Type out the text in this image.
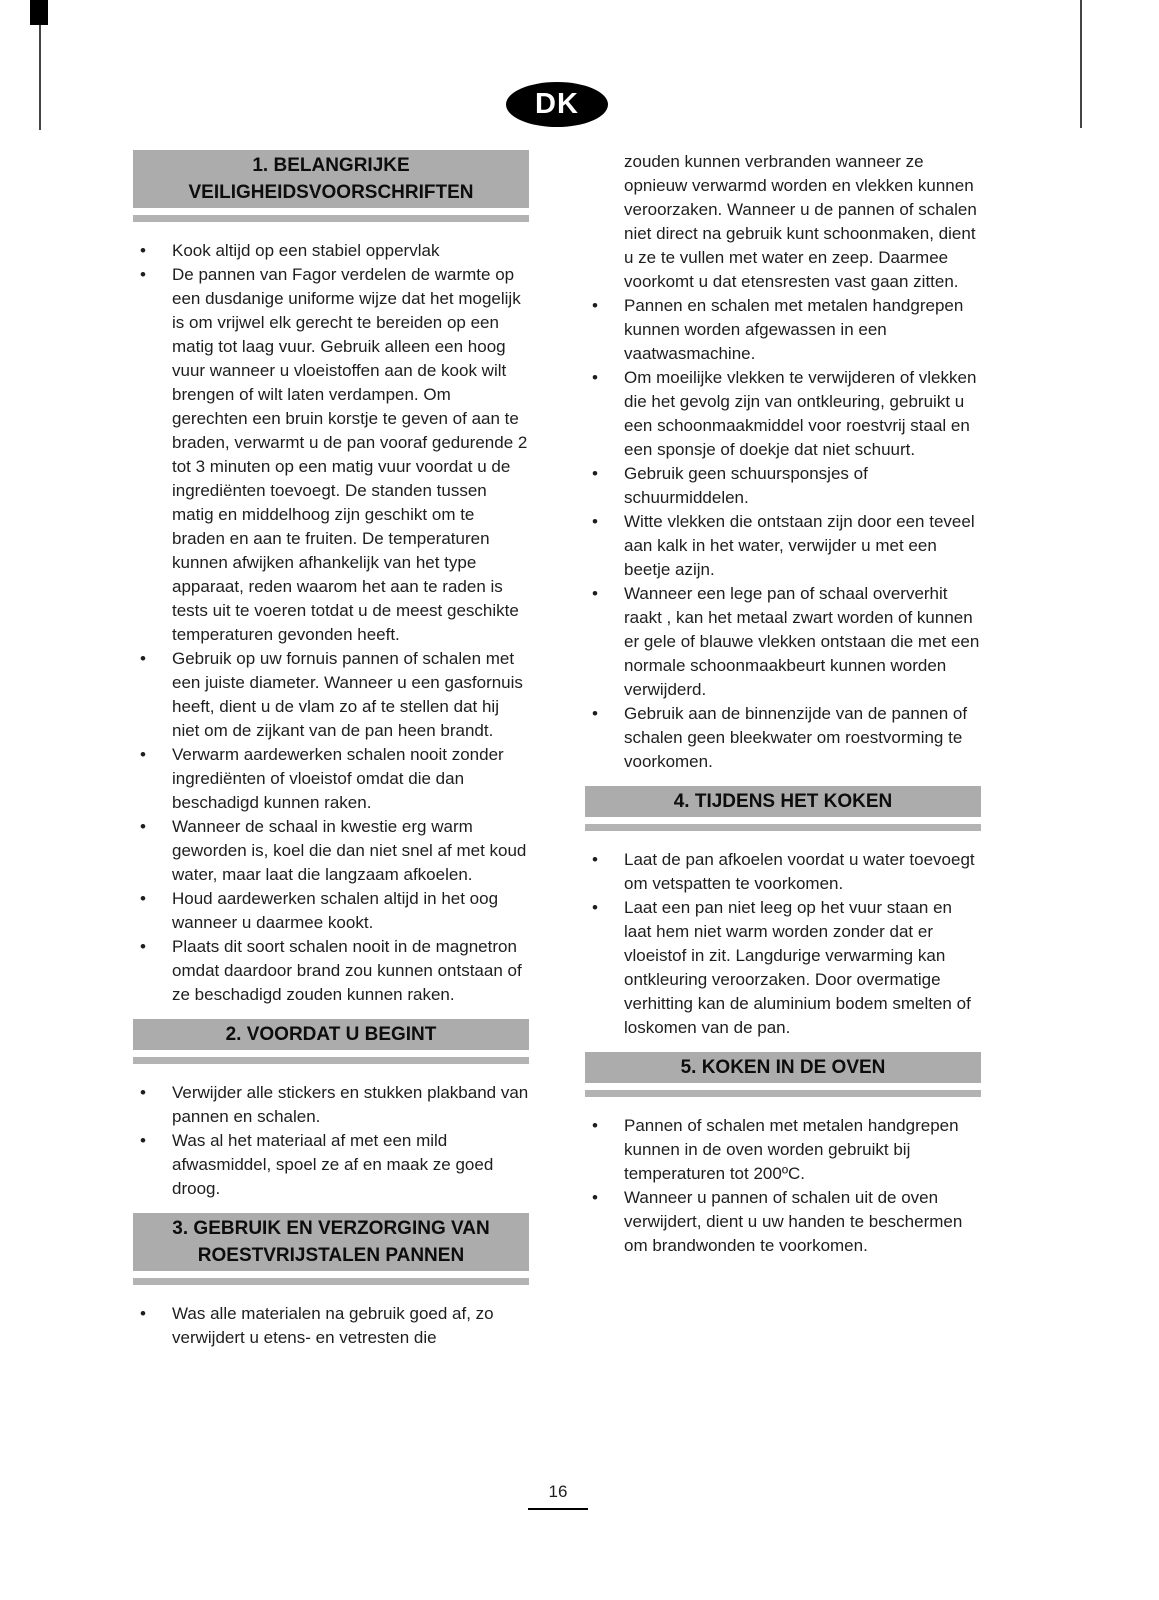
DK
1. BELANGRIJKE VEILIGHEIDSVOORSCHRIFTEN
•	Kook altijd op een stabiel oppervlak
•	De pannen van Fagor verdelen de warmte op een dusdanige uniforme wijze dat het mogelijk is om vrijwel elk gerecht te bereiden op een matig tot laag vuur. Gebruik alleen een hoog vuur wanneer u vloeistoffen aan de kook wilt brengen of wilt laten verdampen. Om gerechten een bruin korstje te geven of aan te braden, verwarmt u de pan vooraf gedurende 2 tot 3 minuten op een matig vuur voordat u de ingrediënten toevoegt. De standen tussen matig en middelhoog zijn geschikt om te braden en aan te fruiten. De temperaturen kunnen afwijken afhankelijk van het type apparaat, reden waarom het aan te raden is tests uit te voeren totdat u de meest geschikte temperaturen gevonden heeft.
•	Gebruik op uw fornuis pannen of schalen met een juiste diameter. Wanneer u een gasfornuis heeft, dient u de vlam zo af te stellen dat hij niet om de zijkant van de pan heen brandt.
•	Verwarm aardewerken schalen nooit zonder ingrediënten of vloeistof omdat die dan beschadigd kunnen raken.
•	Wanneer de schaal in kwestie erg warm geworden is, koel die dan niet snel af met koud water, maar laat die langzaam afkoelen.
•	Houd aardewerken schalen altijd in het oog wanneer u daarmee kookt.
•	Plaats dit soort schalen nooit in de magnetron omdat daardoor brand zou kunnen ontstaan of ze beschadigd zouden kunnen raken.
2. VOORDAT U BEGINT
•	Verwijder alle stickers en stukken plakband van pannen en schalen.
•	Was al het materiaal af met een mild afwasmiddel, spoel ze af en maak ze goed droog.
3. GEBRUIK EN VERZORGING VAN ROESTVRIJSTALEN PANNEN
•	Was alle materialen na gebruik goed af, zo verwijdert u etens- en vetresten die

zouden kunnen verbranden wanneer ze opnieuw verwarmd worden en vlekken kunnen veroorzaken. Wanneer u de pannen of schalen niet direct na gebruik kunt schoonmaken, dient u ze te vullen met water en zeep. Daarmee voorkomt u dat etensresten vast gaan zitten.

•	Pannen en schalen met metalen handgrepen kunnen worden afgewassen in een vaatwasmachine.
•	Om moeilijke vlekken te verwijderen of vlekken die het gevolg zijn van ontkleuring, gebruikt u een schoonmaakmiddel voor roestvrij staal en een sponsje of doekje dat niet schuurt.
•	Gebruik geen schuursponsjes of schuurmiddelen.
•	Witte vlekken die ontstaan zijn door een teveel aan kalk in het water, verwijder u met een beetje azijn.
•	Wanneer een lege pan of schaal oververhit raakt , kan het metaal zwart worden of kunnen er gele of blauwe vlekken ontstaan die met een normale schoonmaakbeurt kunnen worden verwijderd.
•	Gebruik aan de binnenzijde van de pannen of schalen geen bleekwater om roestvorming te voorkomen.
4. TIJDENS HET KOKEN
•	Laat de pan afkoelen voordat u water toevoegt om vetspatten te voorkomen.
•	Laat een pan niet leeg op het vuur staan en laat hem niet warm worden zonder dat er vloeistof in zit. Langdurige verwarming kan ontkleuring veroorzaken. Door overmatige verhitting kan de aluminium bodem smelten of loskomen van de pan.
5. KOKEN IN DE OVEN
•	Pannen of schalen met metalen handgrepen kunnen in de oven worden gebruikt bij temperaturen tot 200ºC.
•	Wanneer u pannen of schalen uit de oven verwijdert, dient u uw handen te beschermen om brandwonden te voorkomen.
16
